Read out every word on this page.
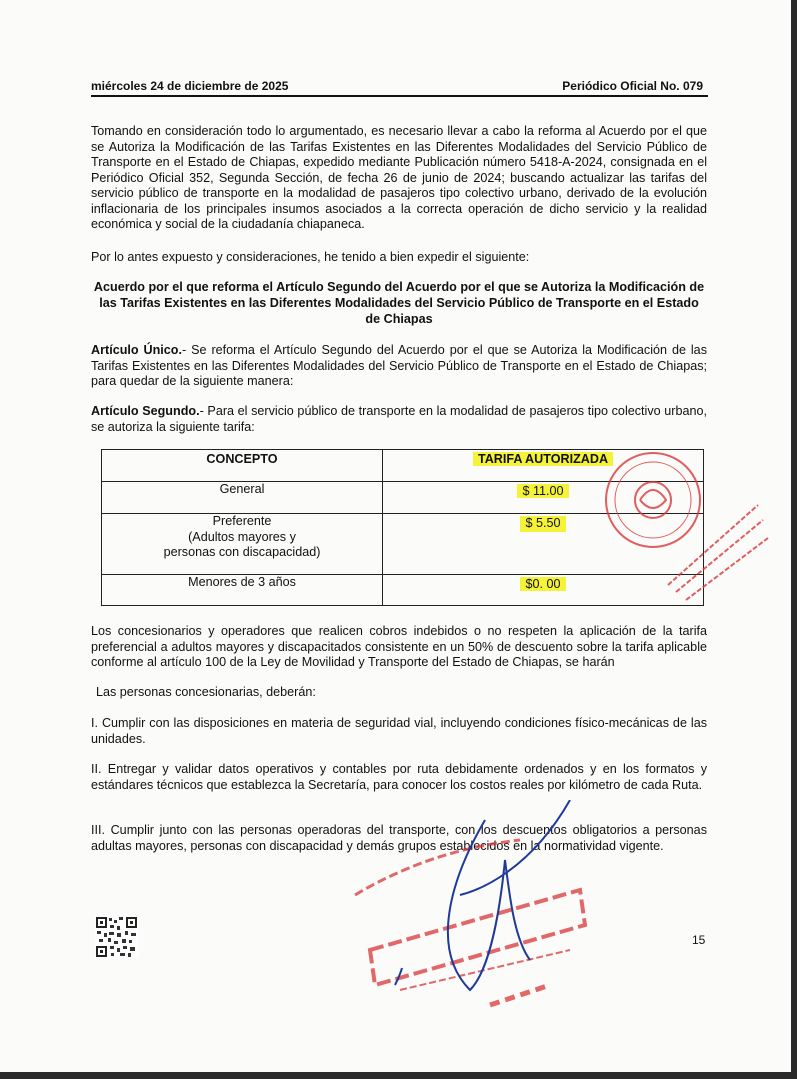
miércoles 24 de diciembre de 2025	Periódico Oficial No. 079

Tomando en consideración todo lo argumentado, es necesario llevar a cabo la reforma al Acuerdo por el que se Autoriza la Modificación de las Tarifas Existentes en las Diferentes Modalidades del Servicio Público de Transporte en el Estado de Chiapas, expedido mediante Publicación número 5418-A-2024, consignada en el Periódico Oficial 352, Segunda Sección, de fecha 26 de junio de 2024; buscando actualizar las tarifas del servicio público de transporte en la modalidad de pasajeros tipo colectivo urbano, derivado de la evolución inflacionaria de los principales insumos asociados a la correcta operación de dicho servicio y la realidad económica y social de la ciudadanía chiapaneca.

Por lo antes expuesto y consideraciones, he tenido a bien expedir el siguiente:

Acuerdo por el que reforma el Artículo Segundo del Acuerdo por el que se Autoriza la Modificación de las Tarifas Existentes en las Diferentes Modalidades del Servicio Público de Transporte en el Estado de Chiapas

Artículo Único.- Se reforma el Artículo Segundo del Acuerdo por el que se Autoriza la Modificación de las Tarifas Existentes en las Diferentes Modalidades del Servicio Público de Transporte en el Estado de Chiapas; para quedar de la siguiente manera:

Artículo Segundo.- Para el servicio público de transporte en la modalidad de pasajeros tipo colectivo urbano, se autoriza la siguiente tarifa:

CONCEPTO	TARIFA AUTORIZADA
General	$ 11.00

Preferente
(Adultos mayores y
personas con discapacidad)	$ 5.50
Menores de 3 años	$0. 00

Los concesionarios y operadores que realicen cobros indebidos o no respeten la aplicación de la tarifa preferencial a adultos mayores y discapacitados consistente en un 50% de descuento sobre la tarifa aplicable conforme al artículo 100 de la Ley de Movilidad y Transporte del Estado de Chiapas, se harán

Las personas concesionarias, deberán:

I. Cumplir con las disposiciones en materia de seguridad vial, incluyendo condiciones físico-mecánicas de las unidades.

II. Entregar y validar datos operativos y contables por ruta debidamente ordenados y en los formatos y estándares técnicos que establezca la Secretaría, para conocer los costos reales por kilómetro de cada Ruta.

III. Cumplir junto con las personas operadoras del transporte, con los descuentos obligatorios a personas adultas mayores, personas con discapacidad y demás grupos establecidos en la normatividad vigente.

15
